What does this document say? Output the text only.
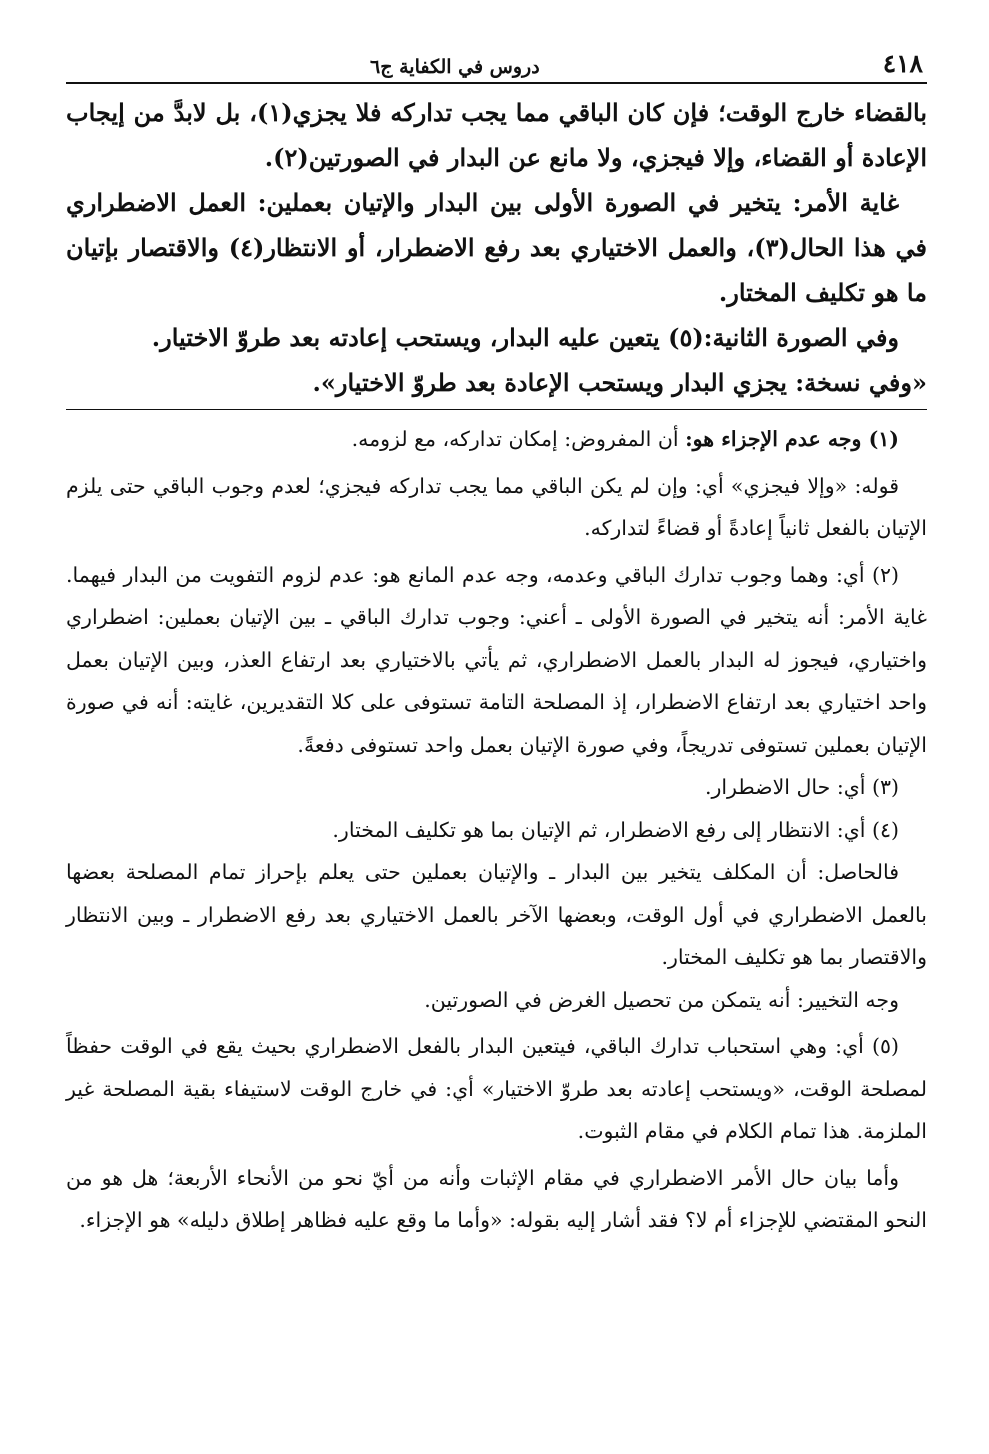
٤١٨
دروس في الكفاية ج٦

بالقضاء خارج الوقت؛ فإن كان الباقي مما يجب تداركه فلا يجزي(١)، بل لابدَّ من إيجاب الإعادة أو القضاء، وإلا فيجزي، ولا مانع عن البدار في الصورتين(٢).

غاية الأمر: يتخير في الصورة الأولى بين البدار والإتيان بعملين: العمل الاضطراري في هذا الحال(٣)، والعمل الاختياري بعد رفع الاضطرار، أو الانتظار(٤) والاقتصار بإتيان ما هو تكليف المختار.

وفي الصورة الثانية:(٥) يتعين عليه البدار، ويستحب إعادته بعد طروّ الاختيار.

«وفي نسخة: يجزي البدار ويستحب الإعادة بعد طروّ الاختيار».

(١) وجه عدم الإجزاء هو: أن المفروض: إمكان تداركه، مع لزومه.

قوله: «وإلا فيجزي» أي: وإن لم يكن الباقي مما يجب تداركه فيجزي؛ لعدم وجوب الباقي حتى يلزم الإتيان بالفعل ثانياً إعادةً أو قضاءً لتداركه.

(٢) أي: وهما وجوب تدارك الباقي وعدمه، وجه عدم المانع هو: عدم لزوم التفويت من البدار فيهما. غاية الأمر: أنه يتخير في الصورة الأولى ـ أعني: وجوب تدارك الباقي ـ بين الإتيان بعملين: اضطراري واختياري، فيجوز له البدار بالعمل الاضطراري، ثم يأتي بالاختياري بعد ارتفاع العذر، وبين الإتيان بعمل واحد اختياري بعد ارتفاع الاضطرار، إذ المصلحة التامة تستوفى على كلا التقديرين، غايته: أنه في صورة الإتيان بعملين تستوفى تدريجاً، وفي صورة الإتيان بعمل واحد تستوفى دفعةً.

(٣) أي: حال الاضطرار.

(٤) أي: الانتظار إلى رفع الاضطرار، ثم الإتيان بما هو تكليف المختار.

فالحاصل: أن المكلف يتخير بين البدار ـ والإتيان بعملين حتى يعلم بإحراز تمام المصلحة بعضها بالعمل الاضطراري في أول الوقت، وبعضها الآخر بالعمل الاختياري بعد رفع الاضطرار ـ وبين الانتظار والاقتصار بما هو تكليف المختار.

وجه التخيير: أنه يتمكن من تحصيل الغرض في الصورتين.

(٥) أي: وهي استحباب تدارك الباقي، فيتعين البدار بالفعل الاضطراري بحيث يقع في الوقت حفظاً لمصلحة الوقت، «ويستحب إعادته بعد طروّ الاختيار» أي: في خارج الوقت لاستيفاء بقية المصلحة غير الملزمة. هذا تمام الكلام في مقام الثبوت.

وأما بيان حال الأمر الاضطراري في مقام الإثبات وأنه من أيّ نحو من الأنحاء الأربعة؛ هل هو من النحو المقتضي للإجزاء أم لا؟ فقد أشار إليه بقوله: «وأما ما وقع عليه فظاهر إطلاق دليله» هو الإجزاء.
